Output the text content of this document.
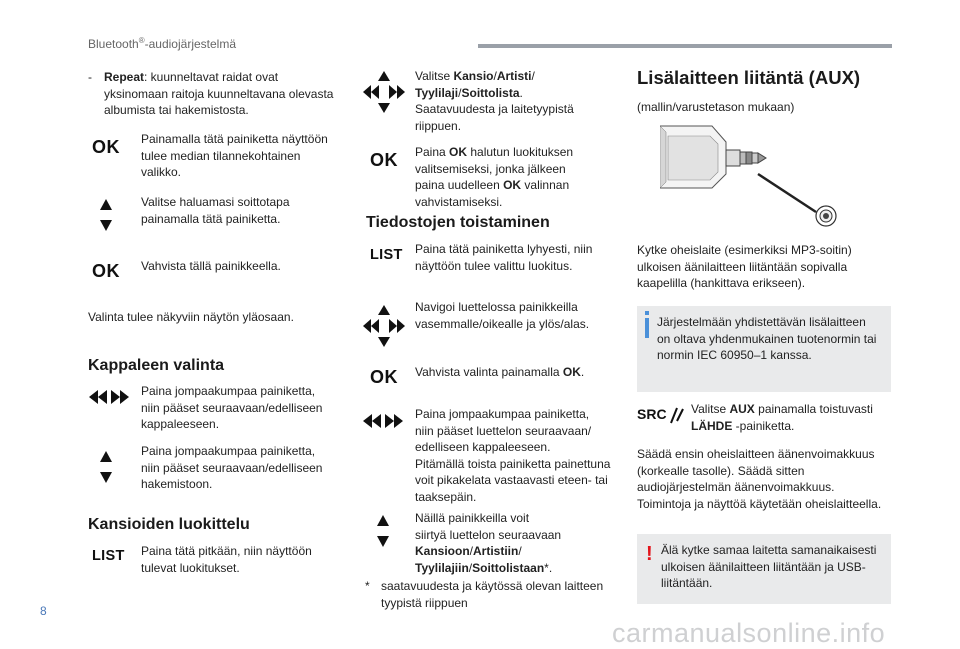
Bluetooth®-audiojärjestelmä
- Repeat: kuunneltavat raidat ovat
yksinomaan raitoja kuunneltavana olevasta
albumista tai hakemistosta.
OK Painamalla tätä painiketta näyttöön
tulee median tilannekohtainen
valikko.
Valitse haluamasi soittotapa
painamalla tätä painiketta.
OK Vahvista tällä painikkeella.
Valinta tulee näkyviin näytön yläosaan.
Kappaleen valinta
Paina jompaakumpaa painiketta,
niin pääset seuraavaan/edelliseen
kappaleeseen.
Paina jompaakumpaa painiketta,
niin pääset seuraavaan/edelliseen
hakemistoon.
Kansioiden luokittelu
LIST Paina tätä pitkään, niin näyttöön
tulevat luokitukset.
Valitse Kansio/Artisti/
Tyylilaji/Soittolista.
Saatavuudesta ja laitetyypistä
riippuen.
OK Paina OK halutun luokituksen
valitsemiseksi, jonka jälkeen
paina uudelleen OK valinnan
vahvistamiseksi.
Tiedostojen toistaminen
LIST Paina tätä painiketta lyhyesti, niin
näyttöön tulee valittu luokitus.
Navigoi luettelossa painikkeilla
vasemmalle/oikealle ja ylös/alas.
OK Vahvista valinta painamalla OK.
Paina jompaakumpaa painiketta,
niin pääset luettelon seuraavaan/
edelliseen kappaleeseen.
Pitämällä toista painiketta painettuna
voit pikakelata vastaavasti eteen- tai
taaksepäin.
Näillä painikkeilla voit
siirtyä luettelon seuraavaan
Kansioon/Artistiin/
Tyylilajiin/Soittolistaan*.
* saatavuudesta ja käytössä olevan laitteen
tyypistä riippuen
Lisälaitteen liitäntä (AUX)
(mallin/varustetason mukaan)
Kytke oheislaite (esimerkiksi MP3-soitin)
ulkoisen äänilaitteen liitäntään sopivalla
kaapelilla (hankittava erikseen).
Järjestelmään yhdistettävän lisälaitteen
on oltava yhdenmukainen tuotenormin tai
normin IEC 60950–1 kanssa.
SRC Valitse AUX painamalla toistuvasti
LÄHDE -painiketta.
Säädä ensin oheislaitteen äänenvoimakkuus
(korkealle tasolle). Säädä sitten
audiojärjestelmän äänenvoimakkuus.
Toimintoja ja näyttöä käytetään oheislaitteella.
! Älä kytke samaa laitetta samanaikaisesti
ulkoisen äänilaitteen liitäntään ja USB-
liitäntään.
8
carmanualsonline.info
